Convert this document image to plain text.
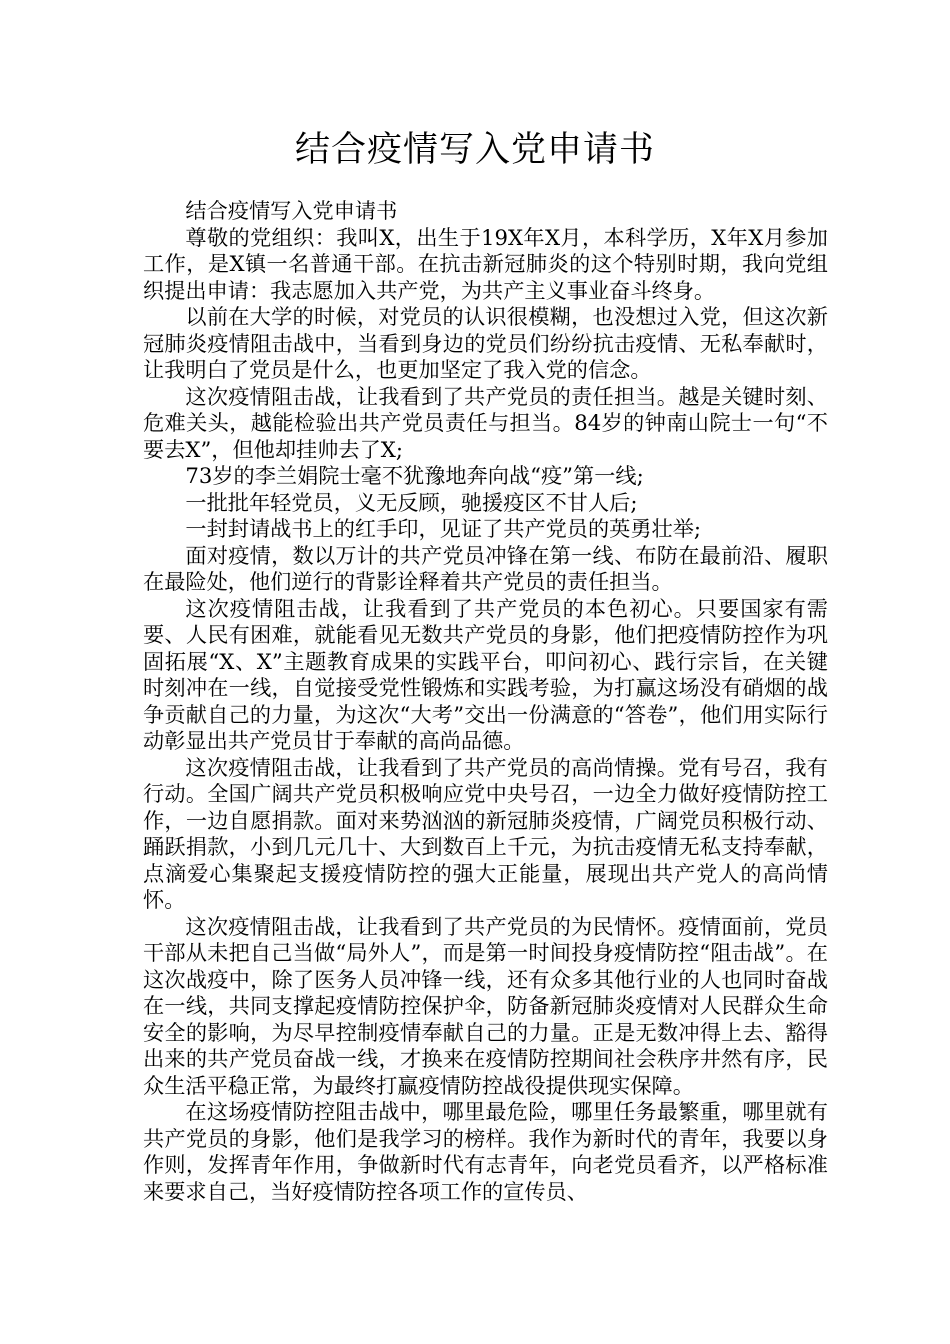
结合疫情写入党申请书

结合疫情写入党申请书

尊敬的党组织：我叫X，出生于19X年X月，本科学历，X年X月参加工作，是X镇一名普通干部。在抗击新冠肺炎的这个特别时期，我向党组织提出申请：我志愿加入共产党，为共产主义事业奋斗终身。

以前在大学的时候，对党员的认识很模糊，也没想过入党，但这次新冠肺炎疫情阻击战中，当看到身边的党员们纷纷抗击疫情、无私奉献时，让我明白了党员是什么，也更加坚定了我入党的信念。

这次疫情阻击战，让我看到了共产党员的责任担当。越是关键时刻、危难关头，越能检验出共产党员责任与担当。84岁的钟南山院士一句“不要去X”，但他却挂帅去了X;

73岁的李兰娟院士毫不犹豫地奔向战“疫”第一线;

一批批年轻党员，义无反顾，驰援疫区不甘人后;

一封封请战书上的红手印，见证了共产党员的英勇壮举;

面对疫情，数以万计的共产党员冲锋在第一线、布防在最前沿、履职在最险处，他们逆行的背影诠释着共产党员的责任担当。

这次疫情阻击战，让我看到了共产党员的本色初心。只要国家有需要、人民有困难，就能看见无数共产党员的身影，他们把疫情防控作为巩固拓展“X、X”主题教育成果的实践平台，叩问初心、践行宗旨，在关键时刻冲在一线，自觉接受党性锻炼和实践考验，为打赢这场没有硝烟的战争贡献自己的力量，为这次“大考”交出一份满意的“答卷”，他们用实际行动彰显出共产党员甘于奉献的高尚品德。

这次疫情阻击战，让我看到了共产党员的高尚情操。党有号召，我有行动。全国广阔共产党员积极响应党中央号召，一边全力做好疫情防控工作，一边自愿捐款。面对来势汹汹的新冠肺炎疫情，广阔党员积极行动、踊跃捐款，小到几元几十、大到数百上千元，为抗击疫情无私支持奉献，点滴爱心集聚起支援疫情防控的强大正能量，展现出共产党人的高尚情怀。

这次疫情阻击战，让我看到了共产党员的为民情怀。疫情面前，党员干部从未把自己当做“局外人”，而是第一时间投身疫情防控“阻击战”。在这次战疫中，除了医务人员冲锋一线，还有众多其他行业的人也同时奋战在一线，共同支撑起疫情防控保护伞，防备新冠肺炎疫情对人民群众生命安全的影响，为尽早控制疫情奉献自己的力量。正是无数冲得上去、豁得出来的共产党员奋战一线，才换来在疫情防控期间社会秩序井然有序，民众生活平稳正常，为最终打赢疫情防控战役提供现实保障。

在这场疫情防控阻击战中，哪里最危险，哪里任务最繁重，哪里就有共产党员的身影，他们是我学习的榜样。我作为新时代的青年，我要以身作则，发挥青年作用，争做新时代有志青年，向老党员看齐，以严格标准来要求自己，当好疫情防控各项工作的宣传员、
